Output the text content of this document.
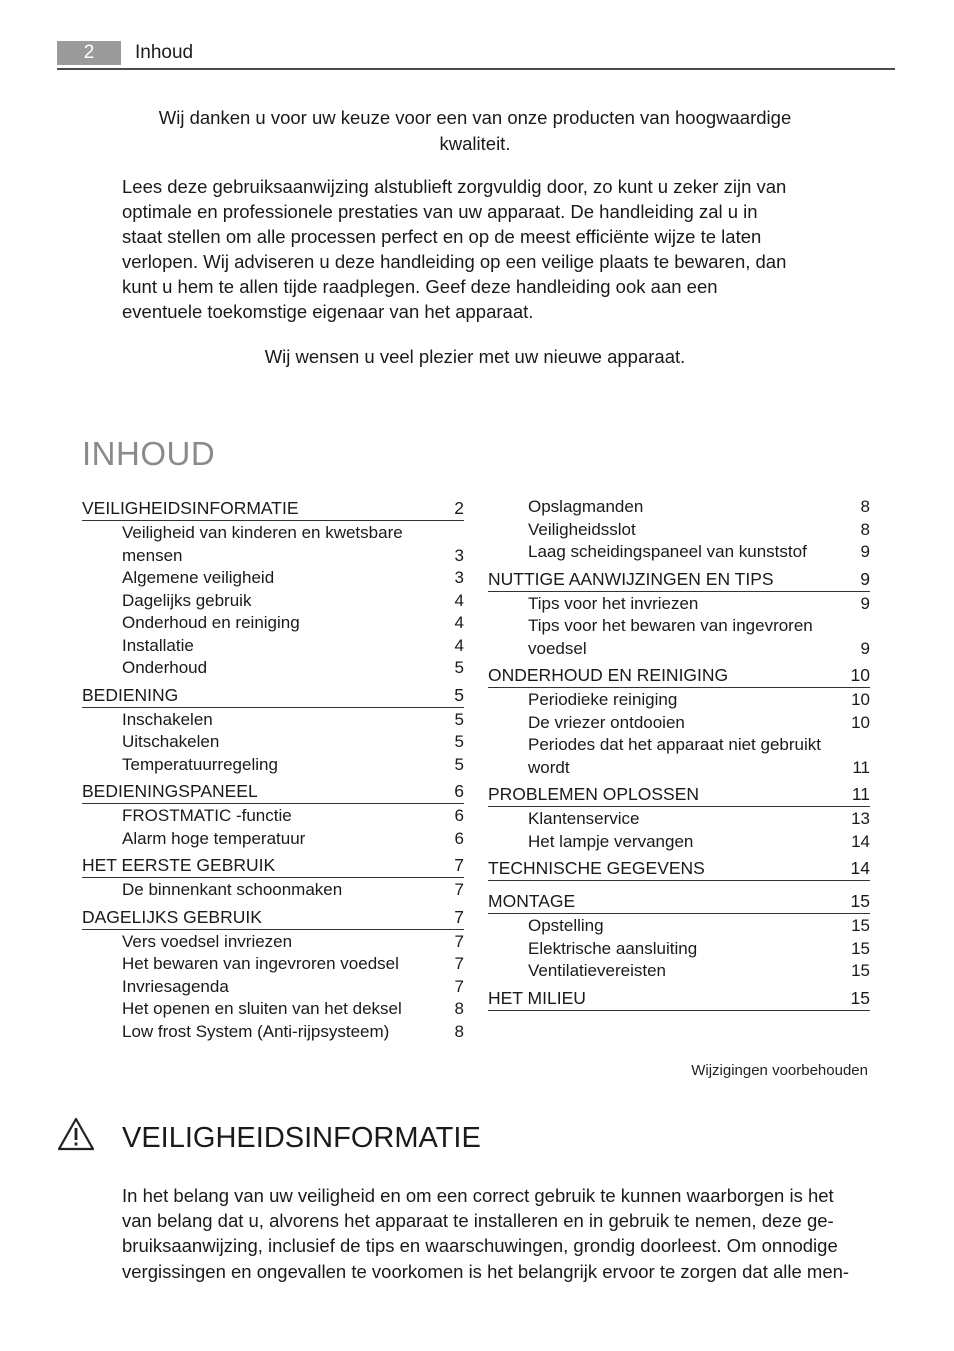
2	Inhoud
Wij danken u voor uw keuze voor een van onze producten van hoogwaardige
kwaliteit.
Lees deze gebruiksaanwijzing alstublieft zorgvuldig door, zo kunt u zeker zijn van
optimale en professionele prestaties van uw apparaat. De handleiding zal u in
staat stellen om alle processen perfect en op de meest efficiënte wijze te laten
verlopen. Wij adviseren u deze handleiding op een veilige plaats te bewaren, dan
kunt u hem te allen tijde raadplegen. Geef deze handleiding ook aan een
eventuele toekomstige eigenaar van het apparaat.
Wij wensen u veel plezier met uw nieuwe apparaat.
INHOUD
VEILIGHEIDSINFORMATIE	2
Veiligheid van kinderen en kwetsbare
mensen	3
Algemene veiligheid	3
Dagelijks gebruik	4
Onderhoud en reiniging	4
Installatie	4
Onderhoud	5
BEDIENING	5
Inschakelen	5
Uitschakelen	5
Temperatuurregeling	5
BEDIENINGSPANEEL	6
FROSTMATIC -functie	6
Alarm hoge temperatuur	6
HET EERSTE GEBRUIK	7
De binnenkant schoonmaken	7
DAGELIJKS GEBRUIK	7
Vers voedsel invriezen	7
Het bewaren van ingevroren voedsel	7
Invriesagenda	7
Het openen en sluiten van het deksel	8
Low frost System (Anti-rijpsysteem)	8
Opslagmanden	8
Veiligheidsslot	8
Laag scheidingspaneel van kunststof	9
NUTTIGE AANWIJZINGEN EN TIPS	9
Tips voor het invriezen	9
Tips voor het bewaren van ingevroren
voedsel	9
ONDERHOUD EN REINIGING	10
Periodieke reiniging	10
De vriezer ontdooien	10
Periodes dat het apparaat niet gebruikt
wordt	11
PROBLEMEN OPLOSSEN	11
Klantenservice	13
Het lampje vervangen	14
TECHNISCHE GEGEVENS	14
MONTAGE	15
Opstelling	15
Elektrische aansluiting	15
Ventilatievereisten	15
HET MILIEU	15
Wijzigingen voorbehouden
VEILIGHEIDSINFORMATIE
In het belang van uw veiligheid en om een correct gebruik te kunnen waarborgen is het
van belang dat u, alvorens het apparaat te installeren en in gebruik te nemen, deze ge-
bruiksaanwijzing, inclusief de tips en waarschuwingen, grondig doorleest. Om onnodige
vergissingen en ongevallen te voorkomen is het belangrijk ervoor te zorgen dat alle men-
